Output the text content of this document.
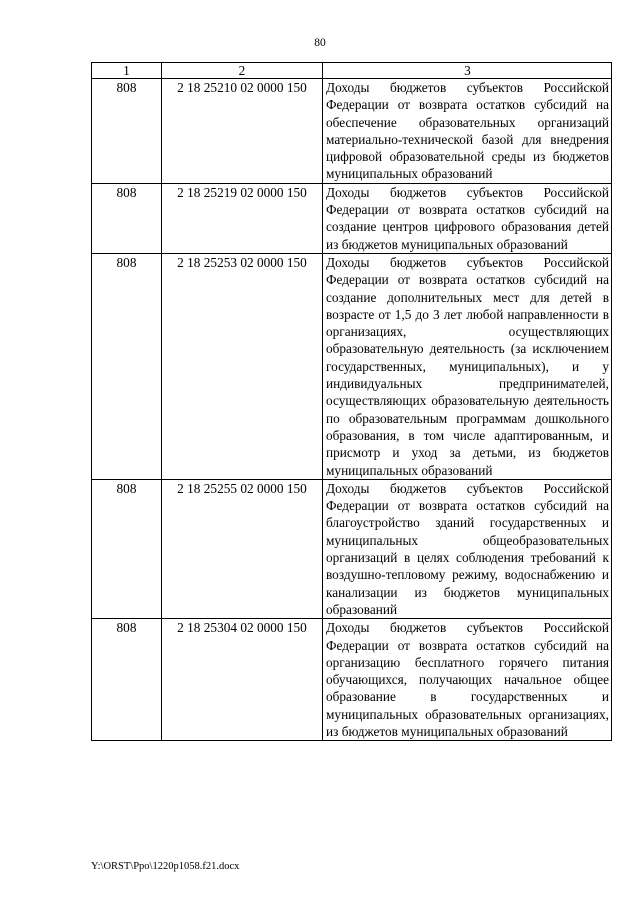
80
1	2	3
808	2 18 25210 02 0000 150	Доходы бюджетов субъектов Российской Федерации от возврата остатков субсидий на обеспечение образовательных организаций материально-технической базой для внедрения цифровой образовательной среды из бюджетов муниципальных образований
808	2 18 25219 02 0000 150	Доходы бюджетов субъектов Российской Федерации от возврата остатков субсидий на создание центров цифрового образования детей из бюджетов муниципальных образований
808	2 18 25253 02 0000 150	Доходы бюджетов субъектов Российской Федерации от возврата остатков субсидий на создание дополнительных мест для детей в возрасте от 1,5 до 3 лет любой направленности в организациях, осуществляющих образовательную деятельность (за исключением государственных, муниципальных), и у индивидуальных предпринимателей, осуществляющих образовательную деятельность по образовательным программам дошкольного образования, в том числе адаптированным, и присмотр и уход за детьми, из бюджетов муниципальных образований
808	2 18 25255 02 0000 150	Доходы бюджетов субъектов Российской Федерации от возврата остатков субсидий на благоустройство зданий государственных и муниципальных общеобразовательных организаций в целях соблюдения требований к воздушно-тепловому режиму, водоснабжению и канализации из бюджетов муниципальных образований
808	2 18 25304 02 0000 150	Доходы бюджетов субъектов Российской Федерации от возврата остатков субсидий на организацию бесплатного горячего питания обучающихся, получающих начальное общее образование в государственных и муниципальных образовательных организациях, из бюджетов муниципальных образований
Y:\ORST\Ppo\1220p1058.f21.docx
